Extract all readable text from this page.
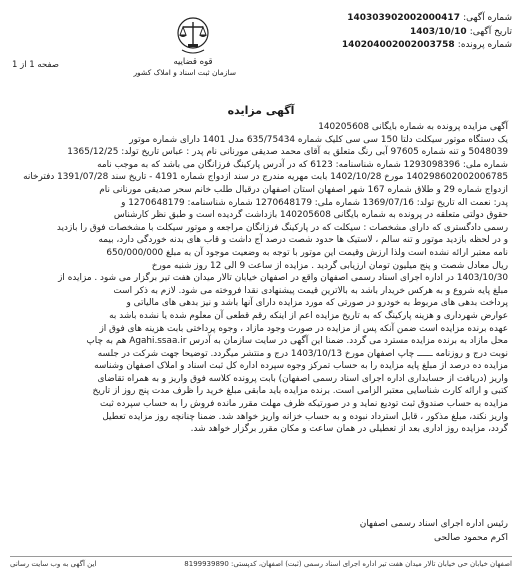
شماره آگهی: 140303902002000417
تاریخ آگهی: 1403/10/10
شماره پرونده: 140204002002003758
قوه قضاییه
سازمان ثبت اسناد و املاک کشور
صفحه 1 از 1
آگهی مزایده
آگهی مزایده پرونده به شماره بایگانی 140205608
یک دستگاه موتور سیکلت دلتا 150 سی سی کلیک شماره 635/75434 مدل 1401 دارای شماره موتور
5048039 و تنه شماره 97605 آبی رنگ متعلق به آقای محمد صدیقی مورنانی نام پدر : عباس تاریخ تولد: 1365/12/25
شماره ملی: 1293098396 شماره شناسنامه: 6123 که در آدرس پارکینگ فرزانگان می باشد که به موجب نامه
140298602002006785 مورخ 1402/10/28 بابت مهریه مندرج در سند ازدواج شماره 4191 - تاریخ سند 1391/07/28 دفترخانه
ازدواج شماره 29 و طلاق شماره 167 شهر اصفهان استان اصفهان درقبال طلب خانم سحر صدیقی مورنانی نام
پدر: نعمت اله تاریخ تولد: 1369/07/16 شماره ملی: 1270648179 شماره شناسنامه: 1270648179 و
حقوق دولتی متعلقه در پرونده به شماره بایگانی 140205608 بازداشت گردیده است و طبق نظر کارشناس
رسمی دادگستری که دارای مشخصات : سیکلت که در پارکینگ فرزانگان مراجعه و موتور سیکلت با مشخصات فوق را بازدید
و در لحظه بازدید موتور و تنه سالم ، لاستیک ها حدود شصت درصد آج داشت و قاب های بدنه خوردگی دارد، بیمه
نامه معتبر ارائه نشده است ولذا ارزش وقیمت این موتور با توجه به وضعیت موجود آن به مبلغ 650/000/000
ریال معادل شصت و پنج میلیون تومان ارزیابی گردید . مزایده از ساعت 9 الی 12 روز شنبه مورخ
1403/10/30 در اداره اجرای اسناد رسمی اصفهان واقع در اصفهان خیابان تالار میدان هفت تیر برگزار می شود . مزایده از
مبلغ پایه شروع و به هرکس خریدار باشد به بالاترین قیمت پیشنهادی نقدا فروخته می شود. لازم به ذکر است
پرداخت بدهی های مربوط به خودرو در صورتی که مورد مزایده دارای آنها باشد و نیز بدهی های مالیاتی و
عوارض شهرداری و هزینه پارکینگ که به تاریخ مزایده اعم از اینکه رقم قطعی آن معلوم شده یا نشده باشد به
عهده برنده مزایده است ضمن آنکه پس از مزایده در صورت وجود مازاد ، وجوه پرداختی بابت هزینه های فوق از
محل مازاد به برنده مزایده مسترد می گردد. ضمنا این آگهی در سایت سازمان به آدرس Agahi.ssaa.ir هم به چاپ
نوبت درج و روزنامه ــــــ چاپ اصفهان مورخ 1403/10/13 درج و منتشر میگردد. توضیحا جهت شرکت در جلسه
مزایده ده درصد از مبلغ پایه مزایده را به حساب تمرکز وجوه سپرده اداره کل ثبت اسناد و املاک اصفهان وشناسه
واریز (دریافت از حسابداری اداره اجرای اسناد رسمی اصفهان) بابت پرونده کلاسه فوق واریز و به همراه تقاضای
کتبی و ارائه کارت شناسایی معتبر الزامی است. برنده مزایده باید مابقی مبلغ خرید را ظرف مدت پنج روز از تاریخ
مزایده به حساب صندوق ثبت تودیع نماید و در صورتیکه ظرف مهلت مقرر مانده فروش را به حساب سپرده ثبت
واریز نکند، مبلغ مذکور ، قابل استرداد نبوده و به حساب خزانه واریز خواهد شد. ضمنا چنانچه روز مزایده تعطیل
گردد، مزایده روز اداری بعد از تعطیلی در همان ساعت و مکان مقرر برگزار خواهد شد.
رئیس اداره اجرای اسناد رسمی اصفهان
اکرم محمود صالحی
اصفهان خیابان حی خیابان تالار میدان هفت تیر اداره اجرای اسناد رسمی (ثبت) اصفهان، کدپستی: 8199939890
این آگهی به وب سایت رسانی
